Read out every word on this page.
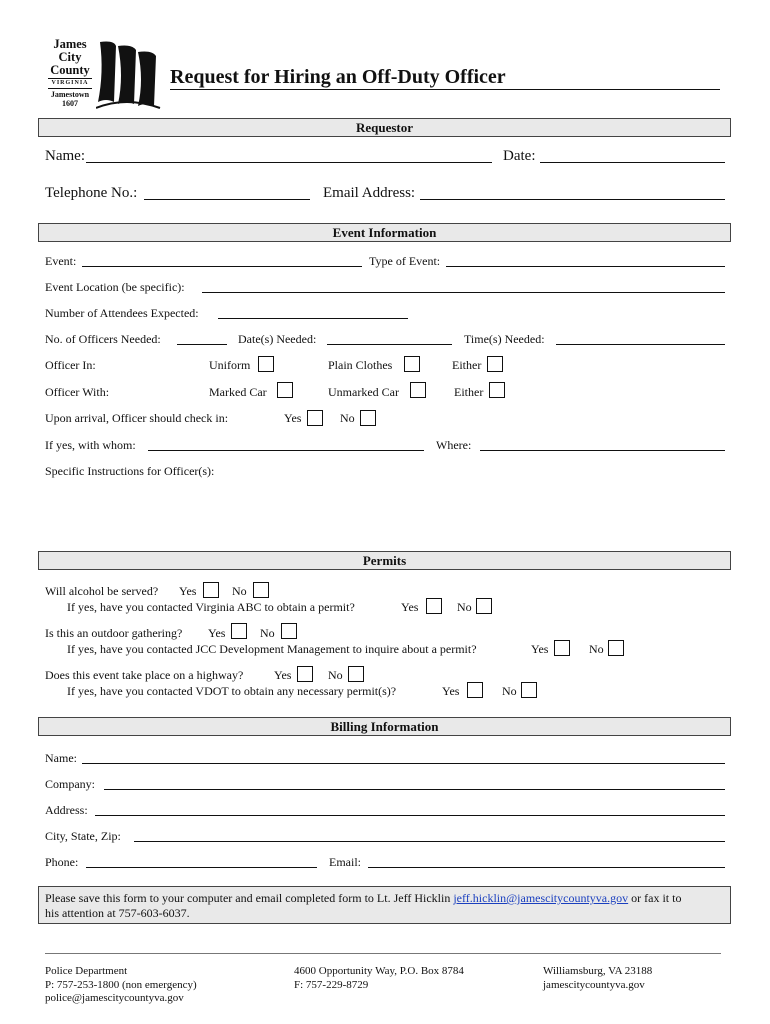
James
City
County
VIRGINIA
Jamestown
1607
Request for Hiring an Off-Duty Officer
Requestor
Name:	Date:
Telephone No.:	Email Address:
Event Information
Event:	Type of Event:
Event Location (be specific):
Number of Attendees Expected:
No. of Officers Needed:	Date(s) Needed:	Time(s) Needed:
Officer In:	Uniform	Plain Clothes	Either
Officer With:	Marked Car	Unmarked Car	Either
Upon arrival, Officer should check in:	Yes	No
If yes, with whom:	Where:
Specific Instructions for Officer(s):
Permits
Will alcohol be served? Yes	No
If yes, have you contacted Virginia ABC to obtain a permit?	Yes	No
Is this an outdoor gathering? Yes	No
If yes, have you contacted JCC Development Management to inquire about a permit?	Yes	No
Does this event take place on a highway?	Yes	No
If yes, have you contacted VDOT to obtain any necessary permit(s)?	Yes	No
Billing Information
Name:
Company:
Address:
City, State, Zip:
Phone:	Email:
Please save this form to your computer and email completed form to Lt. Jeff Hicklin jeff.hicklin@jamescitycountyva.gov or fax it to
his attention at 757-603-6037.
Police Department
P: 757-253-1800 (non emergency)
police@jamescitycountyva.gov
4600 Opportunity Way, P.O. Box 8784
F: 757-229-8729
Williamsburg, VA 23188
jamescitycountyva.gov
